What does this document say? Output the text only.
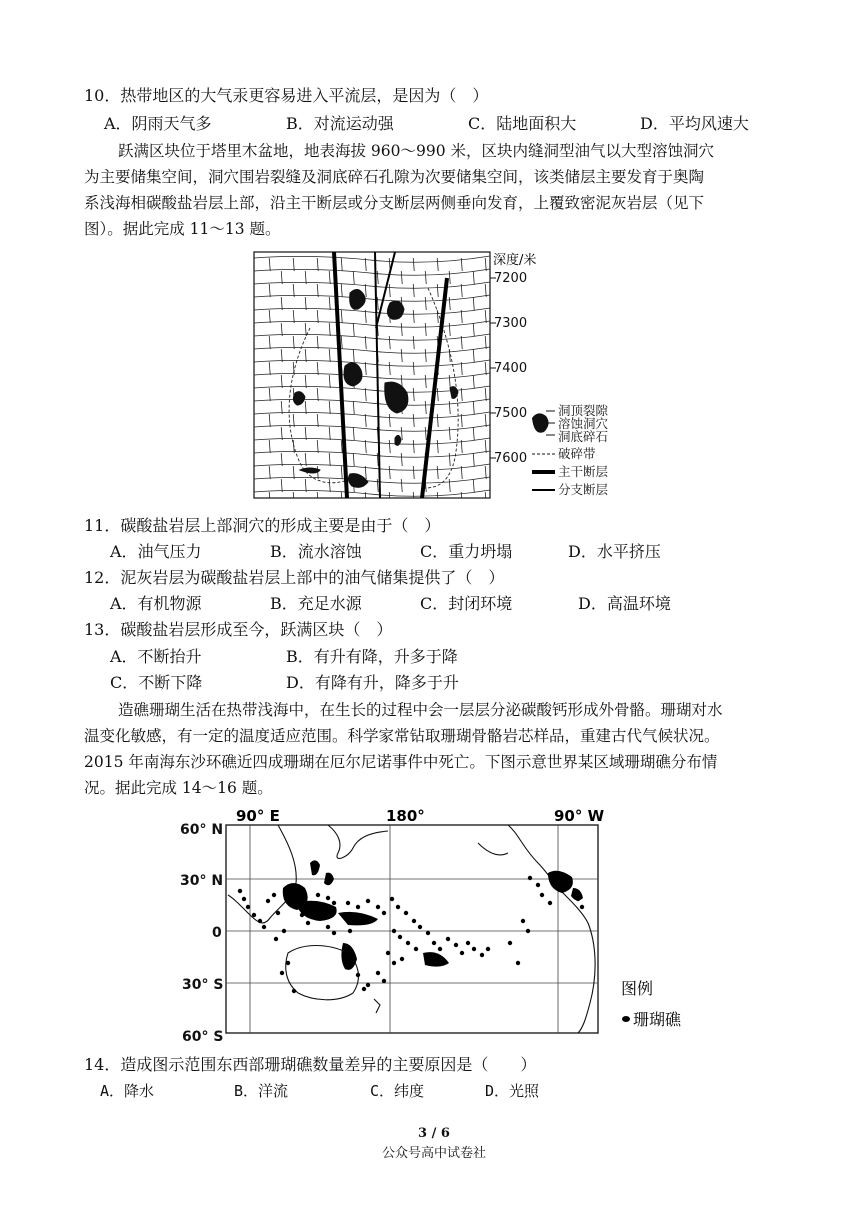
10．热带地区的大气汞更容易进入平流层，是因为（　）
A．阴雨天气多	B．对流运动强	C．陆地面积大	D．平均风速大
跃满区块位于塔里木盆地，地表海拔 960～990 米，区块内缝洞型油气以大型溶蚀洞穴
为主要储集空间，洞穴围岩裂缝及洞底碎石孔隙为次要储集空间，该类储层主要发育于奥陶
系浅海相碳酸盐岩层上部，沿主干断层或分支断层两侧垂向发育，上覆致密泥灰岩层（见下
图）。据此完成 11～13 题。
深度/米
7200
7300
7400
7500
7600
洞顶裂隙
溶蚀洞穴
洞底碎石
破碎带
主干断层
分支断层
11．碳酸盐岩层上部洞穴的形成主要是由于（　）
A．油气压力	B．流水溶蚀	C．重力坍塌	D．水平挤压
12．泥灰岩层为碳酸盐岩层上部中的油气储集提供了（　）
A．有机物源	B．充足水源	C．封闭环境	D．高温环境
13．碳酸盐岩层形成至今，跃满区块（　）
A．不断抬升	B．有升有降，升多于降
C．不断下降	D．有降有升，降多于升
造礁珊瑚生活在热带浅海中，在生长的过程中会一层层分泌碳酸钙形成外骨骼。珊瑚对水
温变化敏感，有一定的温度适应范围。科学家常钻取珊瑚骨骼岩芯样品，重建古代气候状况。
2015 年南海东沙环礁近四成珊瑚在厄尔尼诺事件中死亡。下图示意世界某区域珊瑚礁分布情
况。据此完成 14～16 题。
90° E	180°	90° W
60° N
30° N
0
30° S
60° S
图例
珊瑚礁
14．造成图示范围东西部珊瑚礁数量差异的主要原因是（　　）
A．降水	B．洋流	C．纬度	D．光照
3 / 6
公众号高中试卷社
